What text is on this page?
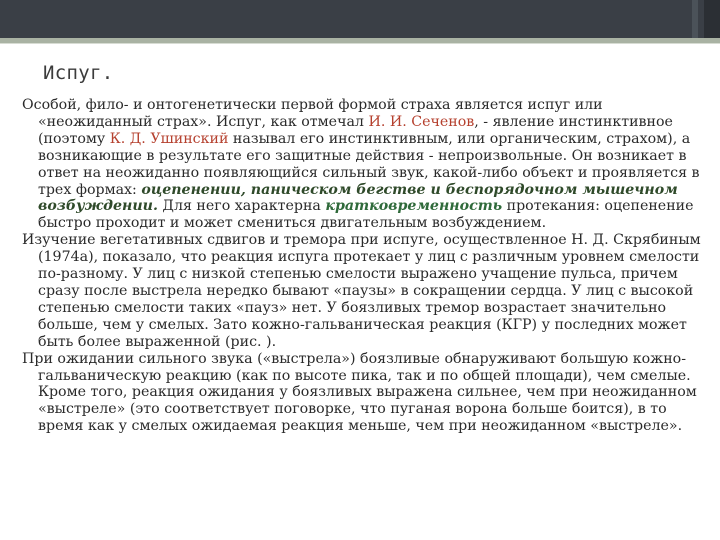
Испуг.

Особой, фило- и онтогенетически первой формой страха является испуг или «неожиданный страх». Испуг, как отмечал И. И. Сеченов, - явление инстинктивное (поэтому К. Д. Ушинский называл его инстинктивным, или органическим, страхом), а возникающие в результате его защитные действия - непроизвольные. Он возникает в ответ на неожиданно появляющийся сильный звук, какой-либо объект и проявляется в трех формах: оцепенении, паническом бегстве и беспорядочном мышечном возбуждении. Для него характерна кратковременность протекания: оцепенение быстро проходит и может смениться двигательным возбуждением.

Изучение вегетативных сдвигов и тремора при испуге, осуществленное Н. Д. Скрябиным (1974а), показало, что реакция испуга протекает у лиц с различным уровнем смелости по-разному. У лиц с низкой степенью смелости выражено учащение пульса, причем сразу после выстрела нередко бывают «паузы» в сокращении сердца. У лиц с высокой степенью смелости таких «пауз» нет. У боязливых тремор возрастает значительно больше, чем у смелых. Зато кожно-гальваническая реакция (КГР) у последних может быть более выраженной (рис. ).

При ожидании сильного звука («выстрела») боязливые обнаруживают большую кожно-гальваническую реакцию (как по высоте пика, так и по общей площади), чем смелые. Кроме того, реакция ожидания у боязливых выражена сильнее, чем при неожиданном «выстреле» (это соответствует поговорке, что пуганая ворона больше боится), в то время как у смелых ожидаемая реакция меньше, чем при неожиданном «выстреле».
